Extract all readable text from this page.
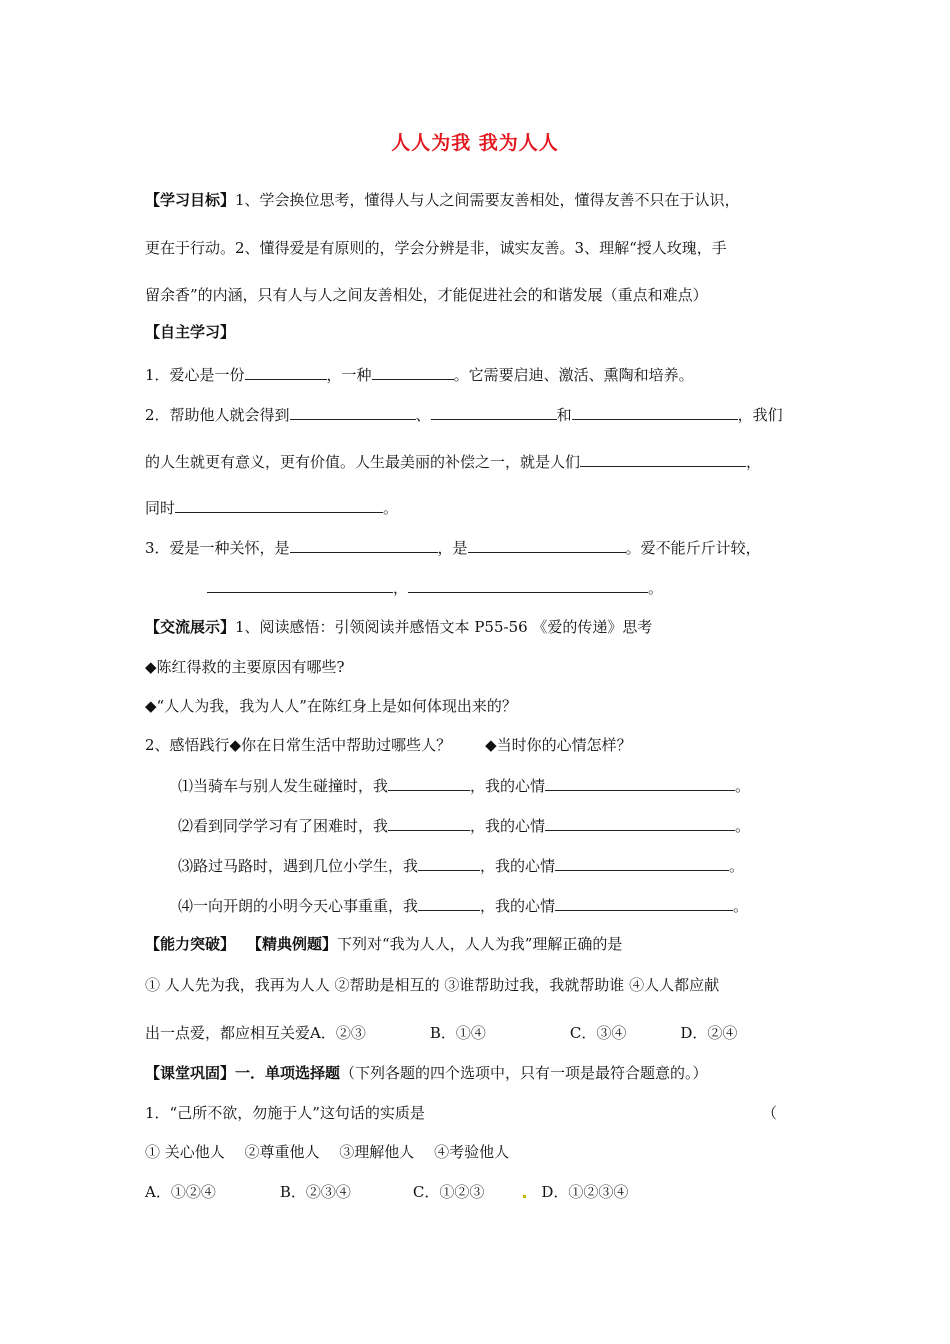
人人为我 我为人人
【学习目标】1、学会换位思考，懂得人与人之间需要友善相处，懂得友善不只在于认识，
更在于行动。2、懂得爱是有原则的，学会分辨是非，诚实友善。3、理解“授人玫瑰，手
留余香”的内涵，只有人与人之间友善相处，才能促进社会的和谐发展（重点和难点）
【自主学习】
1．爱心是一份	，一种	。它需要启迪、激活、熏陶和培养。
2．帮助他人就会得到	、	和	，我们
的人生就更有意义，更有价值。人生最美丽的补偿之一，就是人们	，
同时	。
3．爱是一种关怀，是	，是	。爱不能斤斤计较，
，	。
【交流展示】1、阅读感悟：引领阅读并感悟文本 P55-56 《爱的传递》思考
◆陈红得救的主要原因有哪些?
◆“人人为我，我为人人”在陈红身上是如何体现出来的？
2、感悟践行◆你在日常生活中帮助过哪些人？ ◆当时你的心情怎样？
⑴当骑车与别人发生碰撞时，我	，我的心情	。
⑵看到同学学习有了困难时，我	，我的心情	。
⑶路过马路时，遇到几位小学生，我	，我的心情	。
⑷一向开朗的小明今天心事重重，我	，我的心情	。
【能力突破】 【精典例题】下列对“我为人人，人人为我”理解正确的是
① 人人先为我，我再为人人 ②帮助是相互的 ③谁帮助过我，我就帮助谁 ④人人都应献
出一点爱，都应相互关爱A．②③	B．①④	C．③④	D．②④
【课堂巩固】一．单项选择题（下列各题的四个选项中，只有一项是最符合题意的。）
1．“己所不欲，勿施于人”这句话的实质是	（
① 关心他人　 ②尊重他人　 ③理解他人　 ④考验他人
A．①②④	B．②③④	C．①②③	D．①②③④
